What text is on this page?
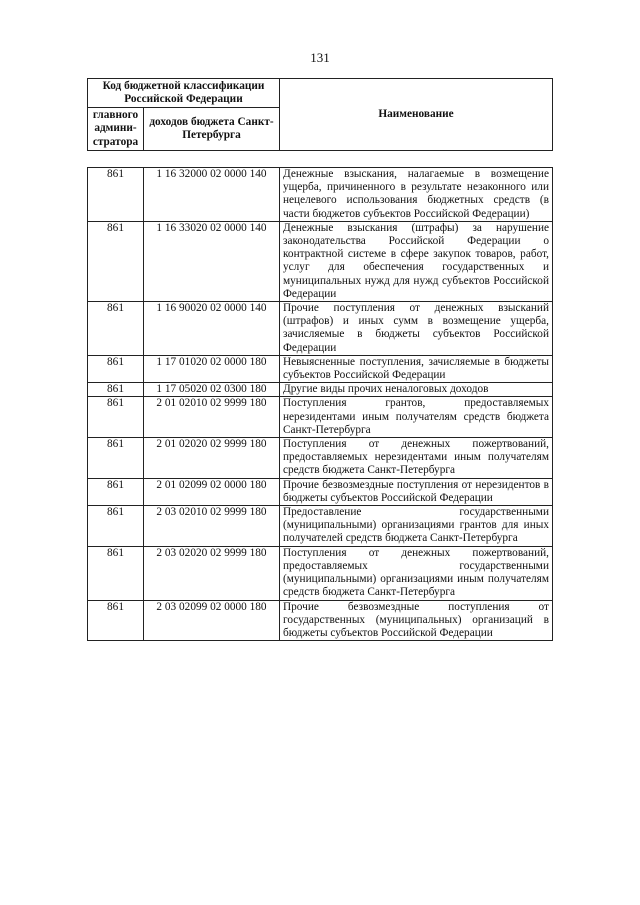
131
Код бюджетной классификации Российской Федерации		Наименование
главного админи-стратора	доходов бюджета Санкт-Петербурга	
861	1 16 32000 02 0000 140	Денежные взыскания, налагаемые в возмещение ущерба, причиненного в результате незаконного или нецелевого использования бюджетных средств (в части бюджетов субъектов Российской Федерации)
861	1 16 33020 02 0000 140	Денежные взыскания (штрафы) за нарушение законодательства Российской Федерации о контрактной системе в сфере закупок товаров, работ, услуг для обеспечения государственных и муниципальных нужд для нужд субъектов Российской Федерации
861	1 16 90020 02 0000 140	Прочие поступления от денежных взысканий (штрафов) и иных сумм в возмещение ущерба, зачисляемые в бюджеты субъектов Российской Федерации
861	1 17 01020 02 0000 180	Невыясненные поступления, зачисляемые в бюджеты субъектов Российской Федерации
861	1 17 05020 02 0300 180	Другие виды прочих неналоговых доходов
861	2 01 02010 02 9999 180	Поступления грантов, предоставляемых нерезидентами иным получателям средств бюджета Санкт-Петербурга
861	2 01 02020 02 9999 180	Поступления от денежных пожертвований, предоставляемых нерезидентами иным получателям средств бюджета Санкт-Петербурга
861	2 01 02099 02 0000 180	Прочие безвозмездные поступления от нерезидентов в бюджеты субъектов Российской Федерации
861	2 03 02010 02 9999 180	Предоставление государственными (муниципальными) организациями грантов для иных получателей средств бюджета Санкт-Петербурга
861	2 03 02020 02 9999 180	Поступления от денежных пожертвований, предоставляемых государственными (муниципальными) организациями иным получателям средств бюджета Санкт-Петербурга
861	2 03 02099 02 0000 180	Прочие безвозмездные поступления от государственных (муниципальных) организаций в бюджеты субъектов Российской Федерации
